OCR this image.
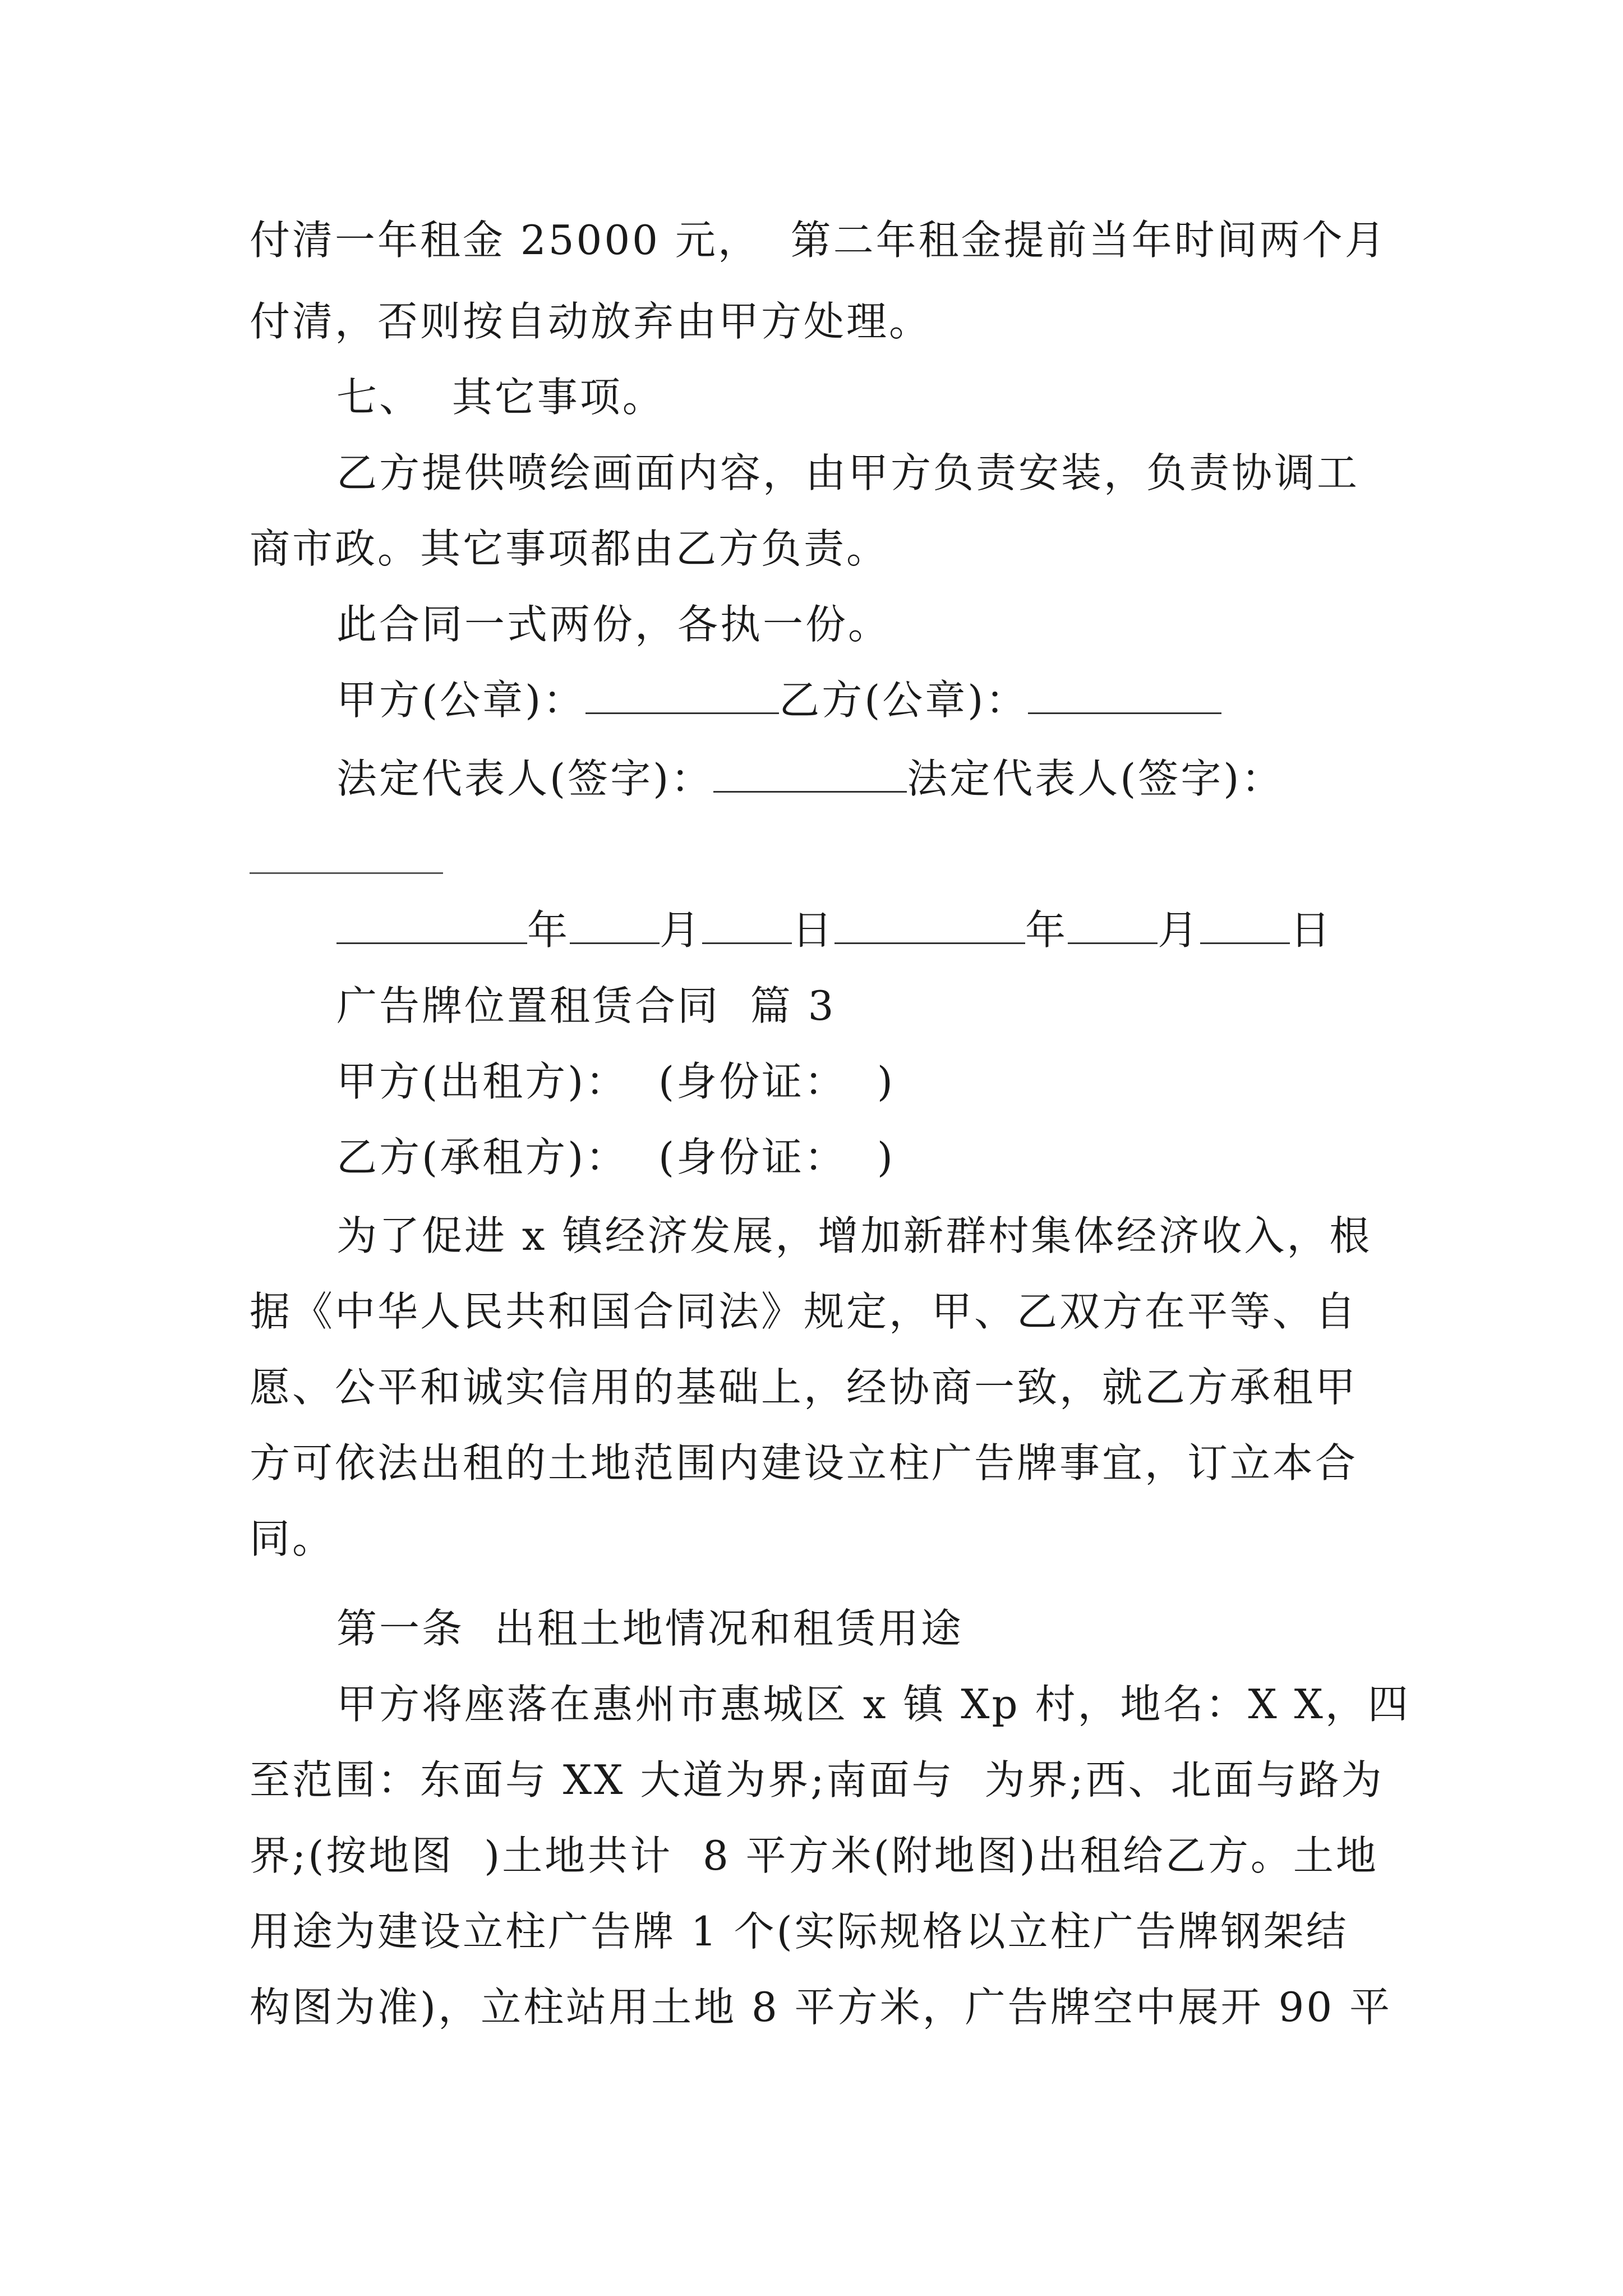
付清一年租金 25000 元，  第二年租金提前当年时间两个月
付清，否则按自动放弃由甲方处理。
七、  其它事项。
乙方提供喷绘画面内容，由甲方负责安装，负责协调工
商市政。其它事项都由乙方负责。
此合同一式两份，各执一份。
甲方(公章)：	乙方(公章)：
法定代表人(签字)：	法定代表人(签字)：
年 月 日	年 月 日
广告牌位置租赁合同  篇 3
甲方(出租方)：  (身份证：  )
乙方(承租方)：  (身份证：  )
为了促进 x 镇经济发展，增加新群村集体经济收入，根
据《中华人民共和国合同法》规定，甲、乙双方在平等、自
愿、公平和诚实信用的基础上，经协商一致，就乙方承租甲
方可依法出租的土地范围内建设立柱广告牌事宜，订立本合
同。
第一条  出租土地情况和租赁用途
甲方将座落在惠州市惠城区 x 镇 Xp 村，地名：X X，四
至范围：东面与 XX 大道为界;南面与  为界;西、北面与路为
界;(按地图  )土地共计  8 平方米(附地图)出租给乙方。土地
用途为建设立柱广告牌 1 个(实际规格以立柱广告牌钢架结
构图为准)，立柱站用土地 8 平方米，广告牌空中展开 90 平
